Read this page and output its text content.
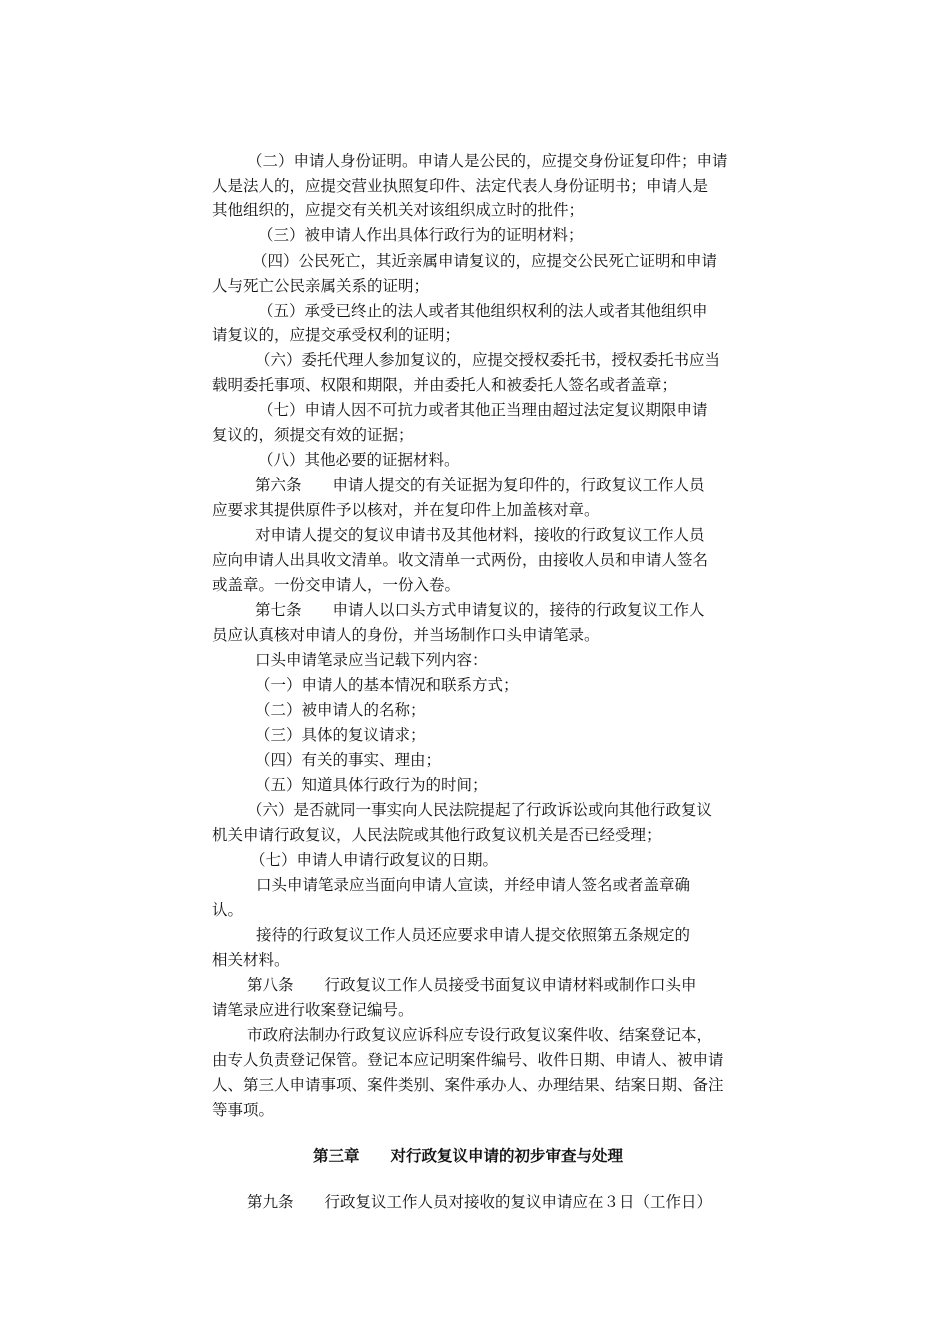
（二）申请人身份证明。申请人是公民的，应提交身份证复印件；申请
人是法人的，应提交营业执照复印件、法定代表人身份证明书；申请人是
其他组织的，应提交有关机关对该组织成立时的批件；
（三）被申请人作出具体行政行为的证明材料；
（四）公民死亡，其近亲属申请复议的，应提交公民死亡证明和申请
人与死亡公民亲属关系的证明；
（五）承受已终止的法人或者其他组织权利的法人或者其他组织申
请复议的，应提交承受权利的证明；
（六）委托代理人参加复议的，应提交授权委托书，授权委托书应当
载明委托事项、权限和期限，并由委托人和被委托人签名或者盖章；
（七）申请人因不可抗力或者其他正当理由超过法定复议期限申请
复议的，须提交有效的证据；
（八）其他必要的证据材料。
第六条　　申请人提交的有关证据为复印件的，行政复议工作人员
应要求其提供原件予以核对，并在复印件上加盖核对章。
对申请人提交的复议申请书及其他材料，接收的行政复议工作人员
应向申请人出具收文清单。收文清单一式两份，由接收人员和申请人签名
或盖章。一份交申请人，一份入卷。
第七条　　申请人以口头方式申请复议的，接待的行政复议工作人
员应认真核对申请人的身份，并当场制作口头申请笔录。
口头申请笔录应当记载下列内容：
（一）申请人的基本情况和联系方式；
（二）被申请人的名称；
（三）具体的复议请求；
（四）有关的事实、理由；
（五）知道具体行政行为的时间；
（六）是否就同一事实向人民法院提起了行政诉讼或向其他行政复议
机关申请行政复议，人民法院或其他行政复议机关是否已经受理；
（七）申请人申请行政复议的日期。
口头申请笔录应当面向申请人宣读，并经申请人签名或者盖章确
认。
接待的行政复议工作人员还应要求申请人提交依照第五条规定的
相关材料。
第八条　　行政复议工作人员接受书面复议申请材料或制作口头申
请笔录应进行收案登记编号。
市政府法制办行政复议应诉科应专设行政复议案件收、结案登记本，
由专人负责登记保管。登记本应记明案件编号、收件日期、申请人、被申请
人、第三人申请事项、案件类别、案件承办人、办理结果、结案日期、备注
等事项。
第三章　　对行政复议申请的初步审查与处理
第九条　　行政复议工作人员对接收的复议申请应在３日（工作日）
